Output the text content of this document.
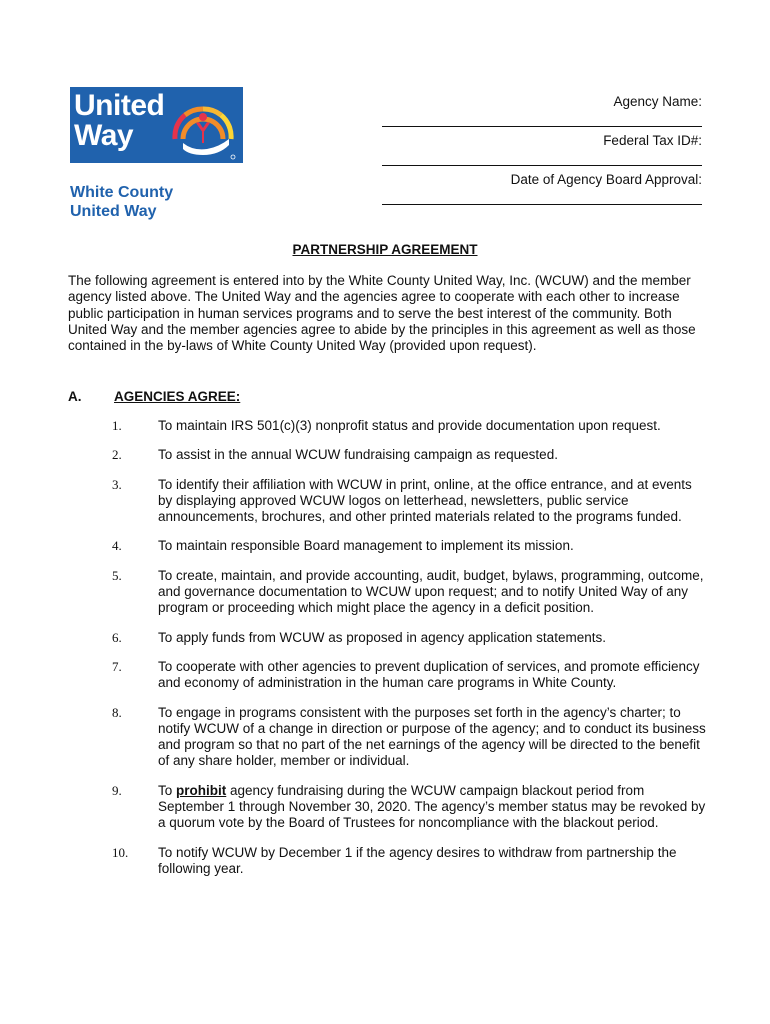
United
Way
White County
United Way
Agency Name:
Federal Tax ID#:
Date of Agency Board Approval:
PARTNERSHIP AGREEMENT
The following agreement is entered into by the White County United Way, Inc. (WCUW) and the member agency listed above. The United Way and the agencies agree to cooperate with each other to increase public participation in human services programs and to serve the best interest of the community. Both United Way and the member agencies agree to abide by the principles in this agreement as well as those contained in the by-laws of White County United Way (provided upon request).
A. AGENCIES AGREE:
1.	To maintain IRS 501(c)(3) nonprofit status and provide documentation upon request.
2.	To assist in the annual WCUW fundraising campaign as requested.
3.	To identify their affiliation with WCUW in print, online, at the office entrance, and at events by displaying approved WCUW logos on letterhead, newsletters, public service announcements, brochures, and other printed materials related to the programs funded.
4.	To maintain responsible Board management to implement its mission.
5.	To create, maintain, and provide accounting, audit, budget, bylaws, programming, outcome, and governance documentation to WCUW upon request; and to notify United Way of any program or proceeding which might place the agency in a deficit position.
6.	To apply funds from WCUW as proposed in agency application statements.
7.	To cooperate with other agencies to prevent duplication of services, and promote efficiency and economy of administration in the human care programs in White County.
8.	To engage in programs consistent with the purposes set forth in the agency’s charter; to notify WCUW of a change in direction or purpose of the agency; and to conduct its business and program so that no part of the net earnings of the agency will be directed to the benefit of any share holder, member or individual.
9.	To prohibit agency fundraising during the WCUW campaign blackout period from September 1 through November 30, 2020. The agency’s member status may be revoked by a quorum vote by the Board of Trustees for noncompliance with the blackout period.
10. To notify WCUW by December 1 if the agency desires to withdraw from partnership the following year.
